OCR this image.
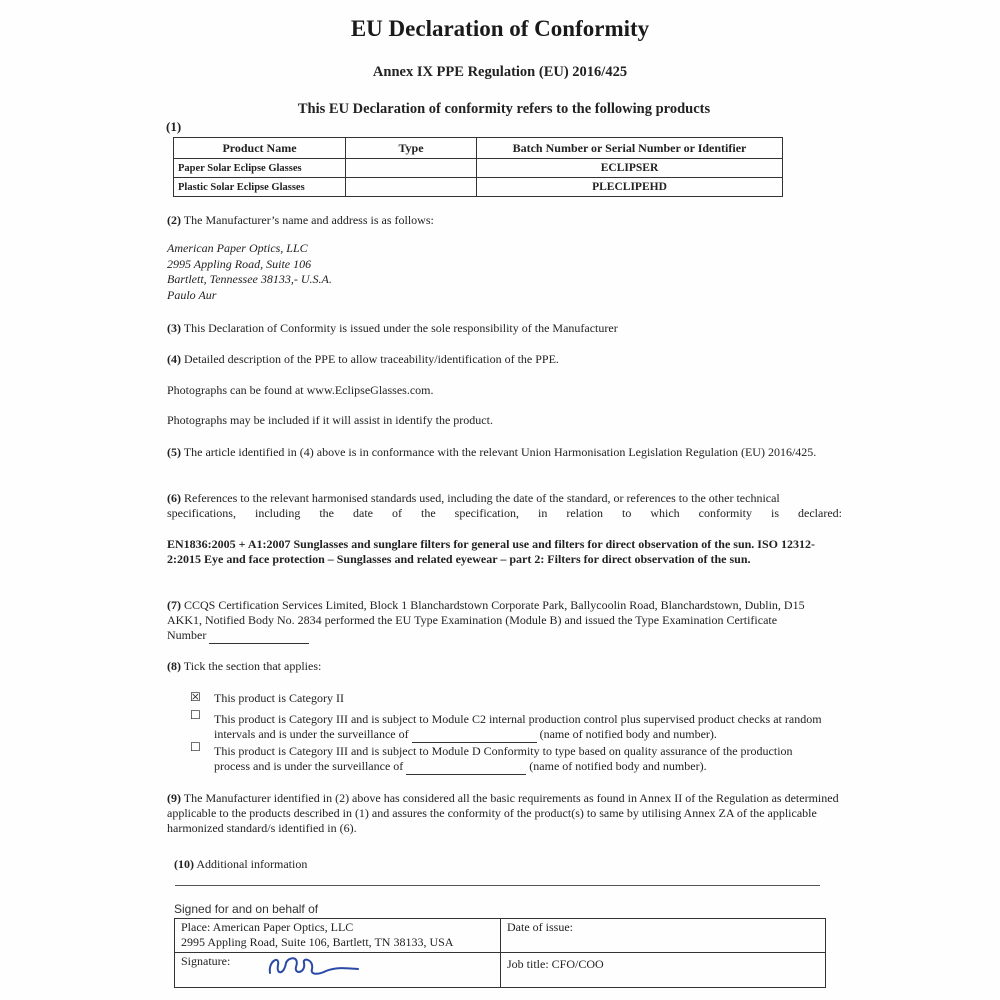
EU Declaration of Conformity
Annex IX PPE Regulation (EU) 2016/425
This EU Declaration of conformity refers to the following products
(1)
Product Name	Type	Batch Number or Serial Number or Identifier
Paper Solar Eclipse Glasses		ECLIPSER
Plastic Solar Eclipse Glasses		PLECLIPEHD
(2) The Manufacturer’s name and address is as follows:
American Paper Optics, LLC
2995 Appling Road, Suite 106
Bartlett, Tennessee 38133,- U.S.A.
Paulo Aur
(3) This Declaration of Conformity is issued under the sole responsibility of the Manufacturer
(4) Detailed description of the PPE to allow traceability/identification of the PPE.
Photographs can be found at www.EclipseGlasses.com.
Photographs may be included if it will assist in identify the product.
(5) The article identified in (4) above is in conformance with the relevant Union Harmonisation Legislation Regulation (EU) 2016/425.
(6) References to the relevant harmonised standards used, including the date of the standard, or references to the other technical
specifications, including the date of the specification, in relation to which conformity is declared:
EN1836:2005 + A1:2007 Sunglasses and sunglare filters for general use and filters for direct observation of the sun. ISO 12312-2:2015 Eye and face protection – Sunglasses and related eyewear – part 2: Filters for direct observation of the sun.
(7) CCQS Certification Services Limited, Block 1 Blanchardstown Corporate Park, Ballycoolin Road, Blanchardstown, Dublin, D15 AKK1, Notified Body No. 2834 performed the EU Type Examination (Module B) and issued the Type Examination Certificate Number
(8) Tick the section that applies:
☒ This product is Category II
☐ This product is Category III and is subject to Module C2 internal production control plus supervised product checks at random intervals and is under the surveillance of	(name of notified body and number).
☐ This product is Category III and is subject to Module D Conformity to type based on quality assurance of the production process and is under the surveillance of	(name of notified body and number).
(9) The Manufacturer identified in (2) above has considered all the basic requirements as found in Annex II of the Regulation as determined applicable to the products described in (1) and assures the conformity of the product(s) to same by utilising Annex ZA of the applicable harmonized standard/s identified in (6).
(10) Additional information
Signed for and on behalf of
Place: American Paper Optics, LLC
2995 Appling Road, Suite 106, Bartlett, TN 38133, USA	Date of issue:
Signature:	Job title: CFO/COO
